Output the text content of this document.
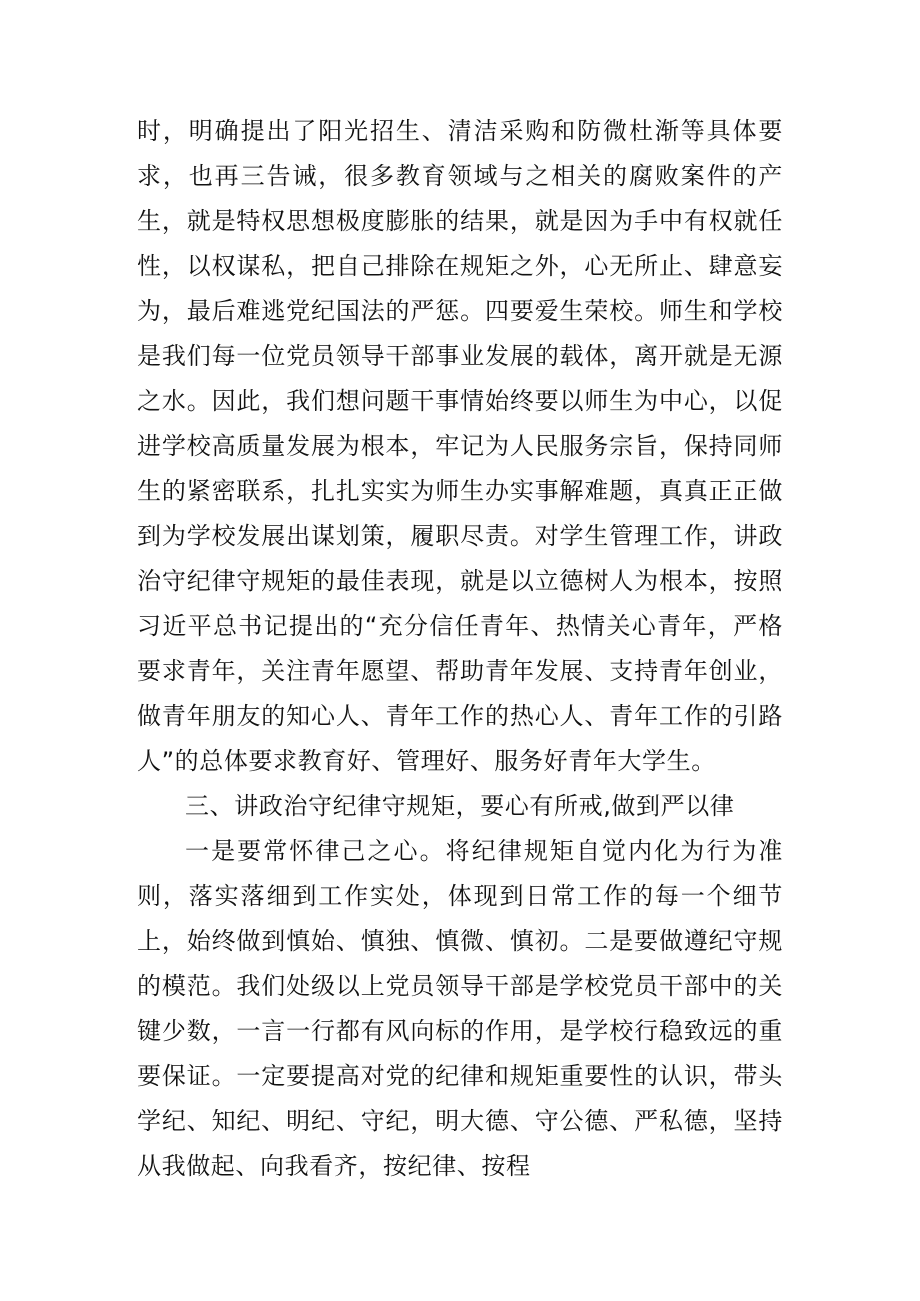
时，明确提出了阳光招生、清洁采购和防微杜渐等具体要求，也再三告诫，很多教育领域与之相关的腐败案件的产生，就是特权思想极度膨胀的结果，就是因为手中有权就任性，以权谋私，把自己排除在规矩之外，心无所止、肆意妄为，最后难逃党纪国法的严惩。四要爱生荣校。师生和学校是我们每一位党员领导干部事业发展的载体，离开就是无源之水。因此，我们想问题干事情始终要以师生为中心，以促进学校高质量发展为根本，牢记为人民服务宗旨，保持同师生的紧密联系，扎扎实实为师生办实事解难题，真真正正做到为学校发展出谋划策，履职尽责。对学生管理工作，讲政治守纪律守规矩的最佳表现，就是以立德树人为根本，按照习近平总书记提出的“充分信任青年、热情关心青年，严格要求青年，关注青年愿望、帮助青年发展、支持青年创业，做青年朋友的知心人、青年工作的热心人、青年工作的引路人”的总体要求教育好、管理好、服务好青年大学生。

三、讲政治守纪律守规矩，要心有所戒,做到严以律

一是要常怀律己之心。将纪律规矩自觉内化为行为准则，落实落细到工作实处，体现到日常工作的每一个细节上，始终做到慎始、慎独、慎微、慎初。二是要做遵纪守规的模范。我们处级以上党员领导干部是学校党员干部中的关键少数，一言一行都有风向标的作用，是学校行稳致远的重要保证。一定要提高对党的纪律和规矩重要性的认识，带头学纪、知纪、明纪、守纪，明大德、守公德、严私德，坚持从我做起、向我看齐，按纪律、按程
